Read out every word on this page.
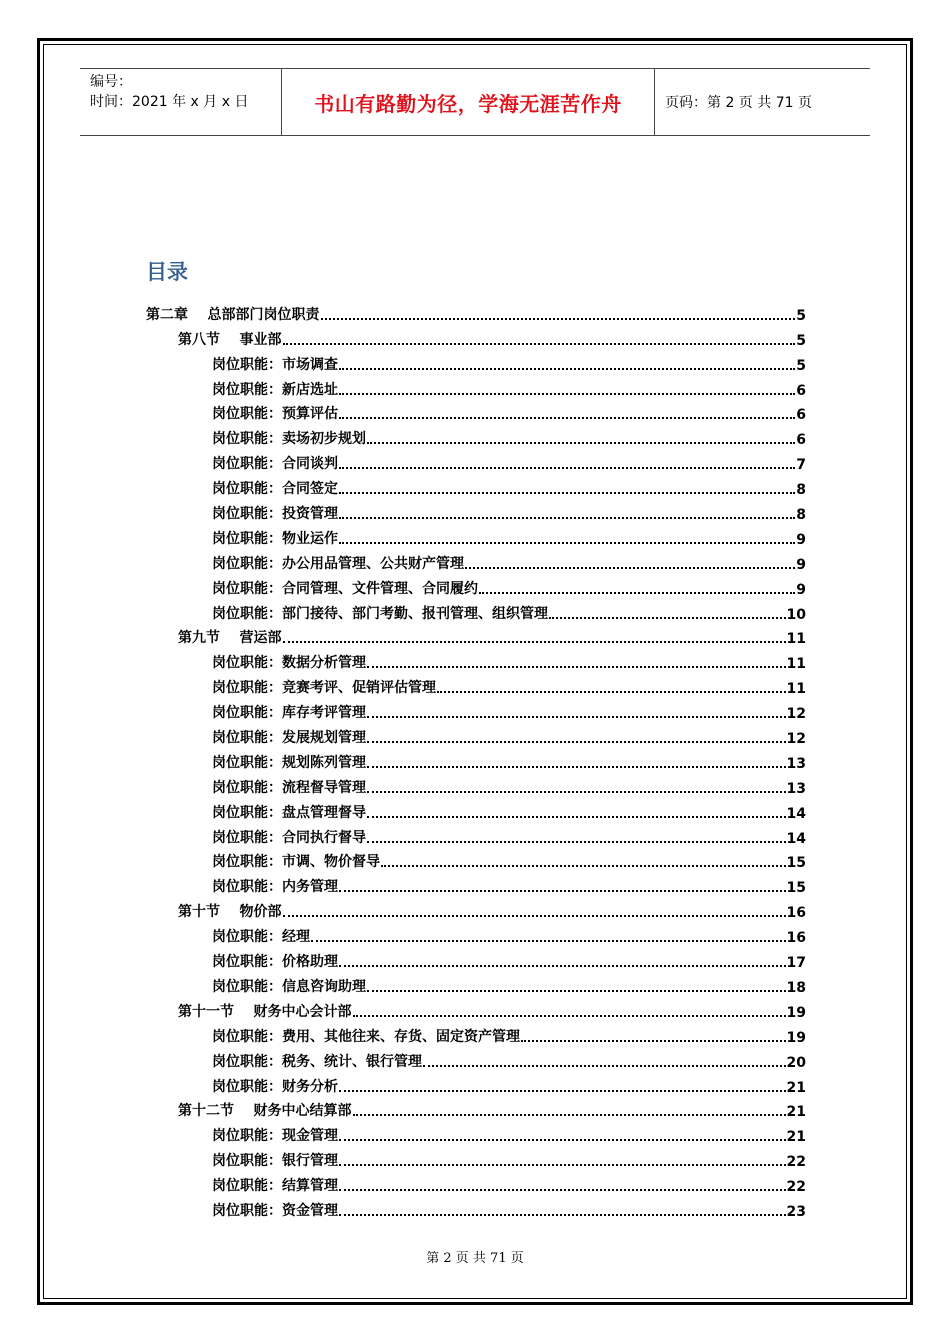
编号：
时间：2021 年 x 月 x 日	书山有路勤为径，学海无涯苦作舟	页码：第 2 页 共 71 页
目录
第二章    总部部门岗位职责	5
第八节    事业部	5
岗位职能：市场调查	5
岗位职能：新店选址	6
岗位职能：预算评估	6
岗位职能：卖场初步规划	6
岗位职能：合同谈判	7
岗位职能：合同签定	8
岗位职能：投资管理	8
岗位职能：物业运作	9
岗位职能：办公用品管理、公共财产管理	9
岗位职能：合同管理、文件管理、合同履约	9
岗位职能：部门接待、部门考勤、报刊管理、组织管理	10
第九节    营运部	11
岗位职能：数据分析管理	11
岗位职能：竞赛考评、促销评估管理	11
岗位职能：库存考评管理	12
岗位职能：发展规划管理	12
岗位职能：规划陈列管理	13
岗位职能：流程督导管理	13
岗位职能：盘点管理督导	14
岗位职能：合同执行督导	14
岗位职能：市调、物价督导	15
岗位职能：内务管理	15
第十节    物价部	16
岗位职能：经理	16
岗位职能：价格助理	17
岗位职能：信息咨询助理	18
第十一节    财务中心会计部	19
岗位职能：费用、其他往来、存货、固定资产管理	19
岗位职能：税务、统计、银行管理	20
岗位职能：财务分析	21
第十二节    财务中心结算部	21
岗位职能：现金管理	21
岗位职能：银行管理	22
岗位职能：结算管理	22
岗位职能：资金管理	23
第 2 页 共 71 页
